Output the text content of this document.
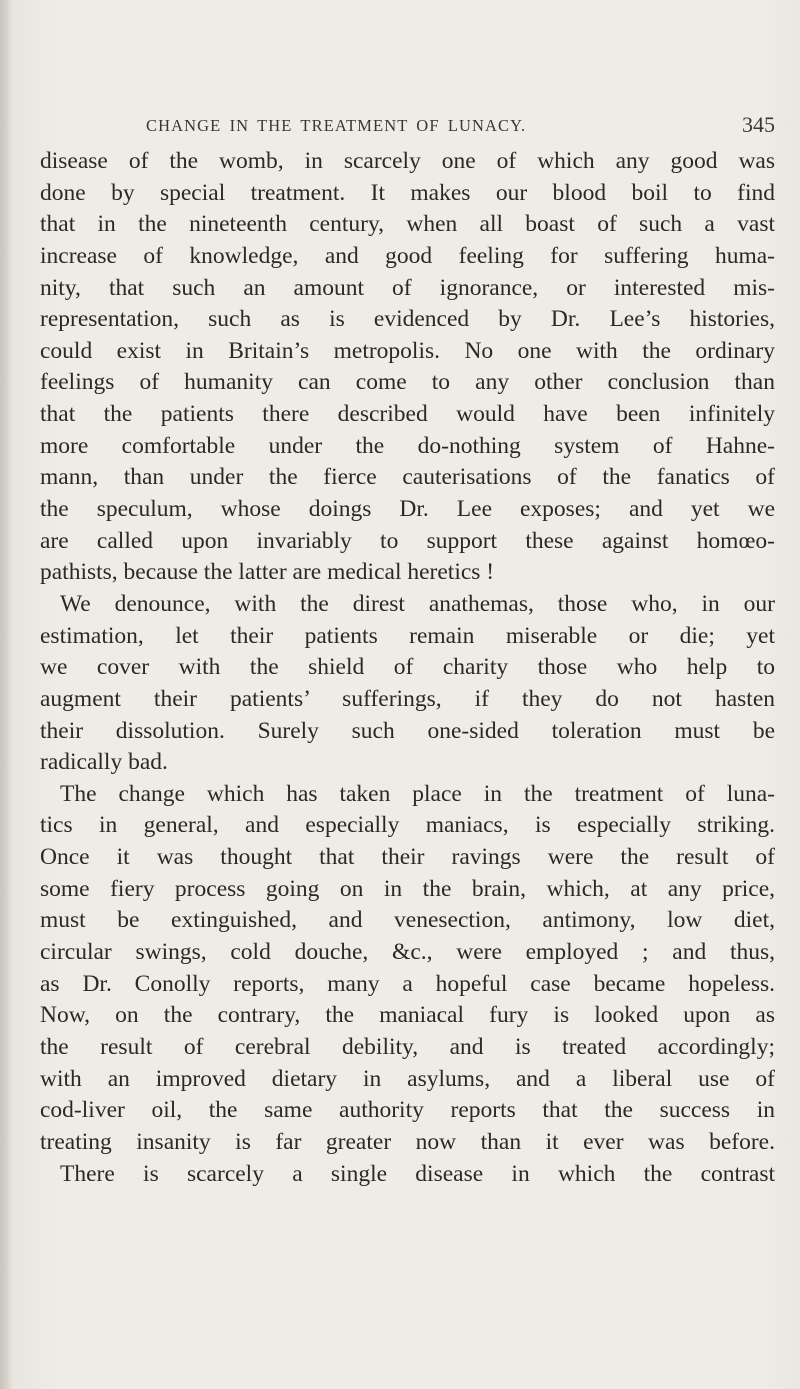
CHANGE IN THE TREATMENT OF LUNACY.	345
disease of the womb, in scarcely one of which any good was
done by special treatment. It makes our blood boil to find
that in the nineteenth century, when all boast of such a vast
increase of knowledge, and good feeling for suffering huma-
nity, that such an amount of ignorance, or interested mis-
representation, such as is evidenced by Dr. Lee’s histories,
could exist in Britain’s metropolis. No one with the ordinary
feelings of humanity can come to any other conclusion than
that the patients there described would have been infinitely
more comfortable under the do-nothing system of Hahne-
mann, than under the fierce cauterisations of the fanatics of
the speculum, whose doings Dr. Lee exposes; and yet we
are called upon invariably to support these against homœo-
pathists, because the latter are medical heretics !
We denounce, with the direst anathemas, those who, in our
estimation, let their patients remain miserable or die; yet
we cover with the shield of charity those who help to
augment their patients’ sufferings, if they do not hasten
their dissolution. Surely such one-sided toleration must be
radically bad.
The change which has taken place in the treatment of luna-
tics in general, and especially maniacs, is especially striking.
Once it was thought that their ravings were the result of
some fiery process going on in the brain, which, at any price,
must be extinguished, and venesection, antimony, low diet,
circular swings, cold douche, &c., were employed ; and thus,
as Dr. Conolly reports, many a hopeful case became hopeless.
Now, on the contrary, the maniacal fury is looked upon as
the result of cerebral debility, and is treated accordingly;
with an improved dietary in asylums, and a liberal use of
cod-liver oil, the same authority reports that the success in
treating insanity is far greater now than it ever was before.
There is scarcely a single disease in which the contrast
